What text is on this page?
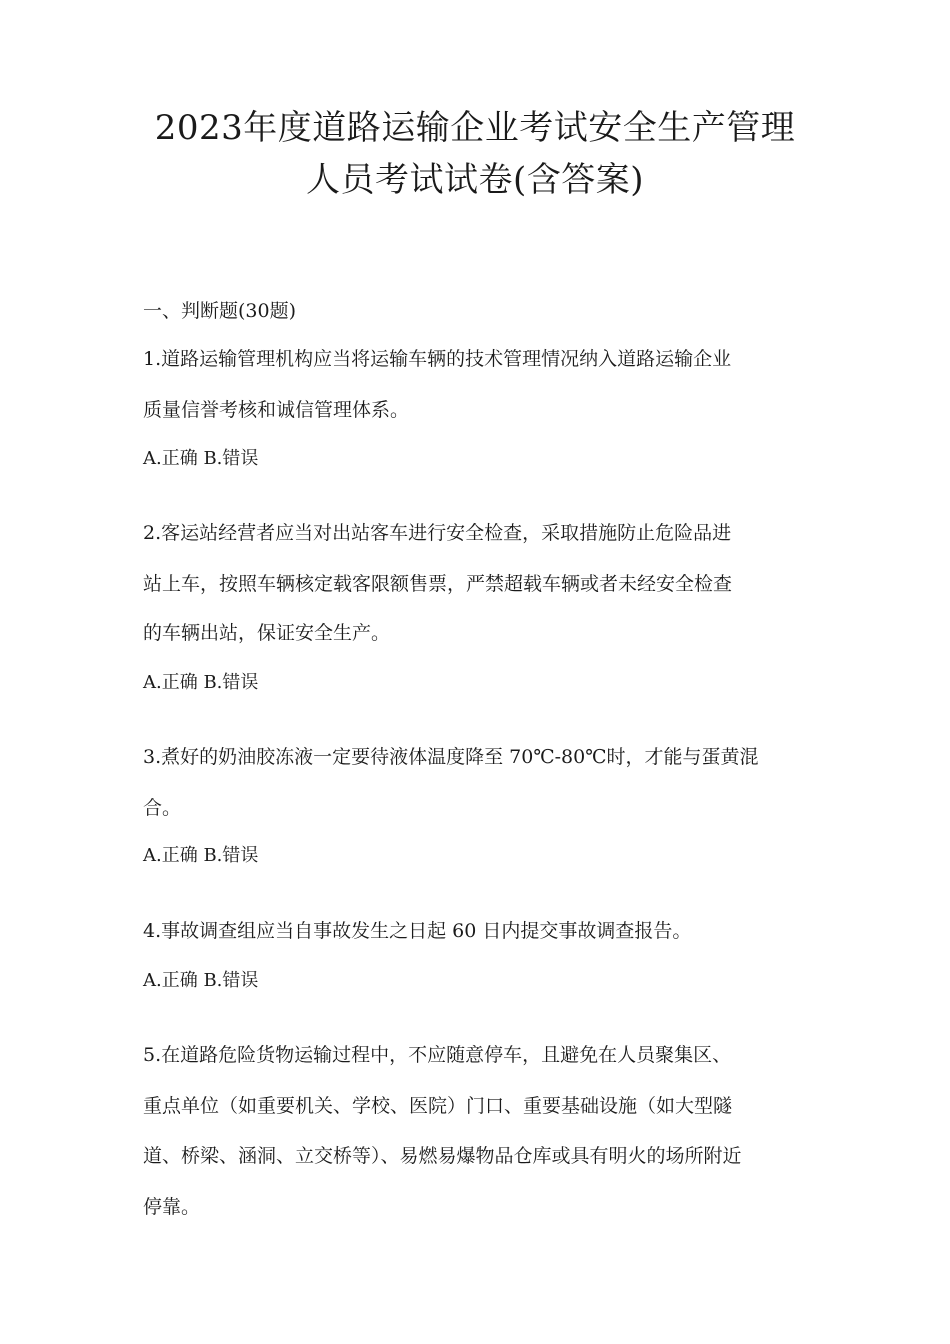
2023年度道路运输企业考试安全生产管理
人员考试试卷(含答案)
一、判断题(30题)
1.道路运输管理机构应当将运输车辆的技术管理情况纳入道路运输企业
质量信誉考核和诚信管理体系。
A.正确 B.错误
2.客运站经营者应当对出站客车进行安全检查，采取措施防止危险品进
站上车，按照车辆核定载客限额售票，严禁超载车辆或者未经安全检查
的车辆出站，保证安全生产。
A.正确 B.错误
3.煮好的奶油胶冻液一定要待液体温度降至 70℃-80℃时，才能与蛋黄混
合。
A.正确 B.错误
4.事故调查组应当自事故发生之日起 60 日内提交事故调查报告。
A.正确 B.错误
5.在道路危险货物运输过程中，不应随意停车，且避免在人员聚集区、
重点单位（如重要机关、学校、医院）门口、重要基础设施（如大型隧
道、桥梁、涵洞、立交桥等）、易燃易爆物品仓库或具有明火的场所附近
停靠。
